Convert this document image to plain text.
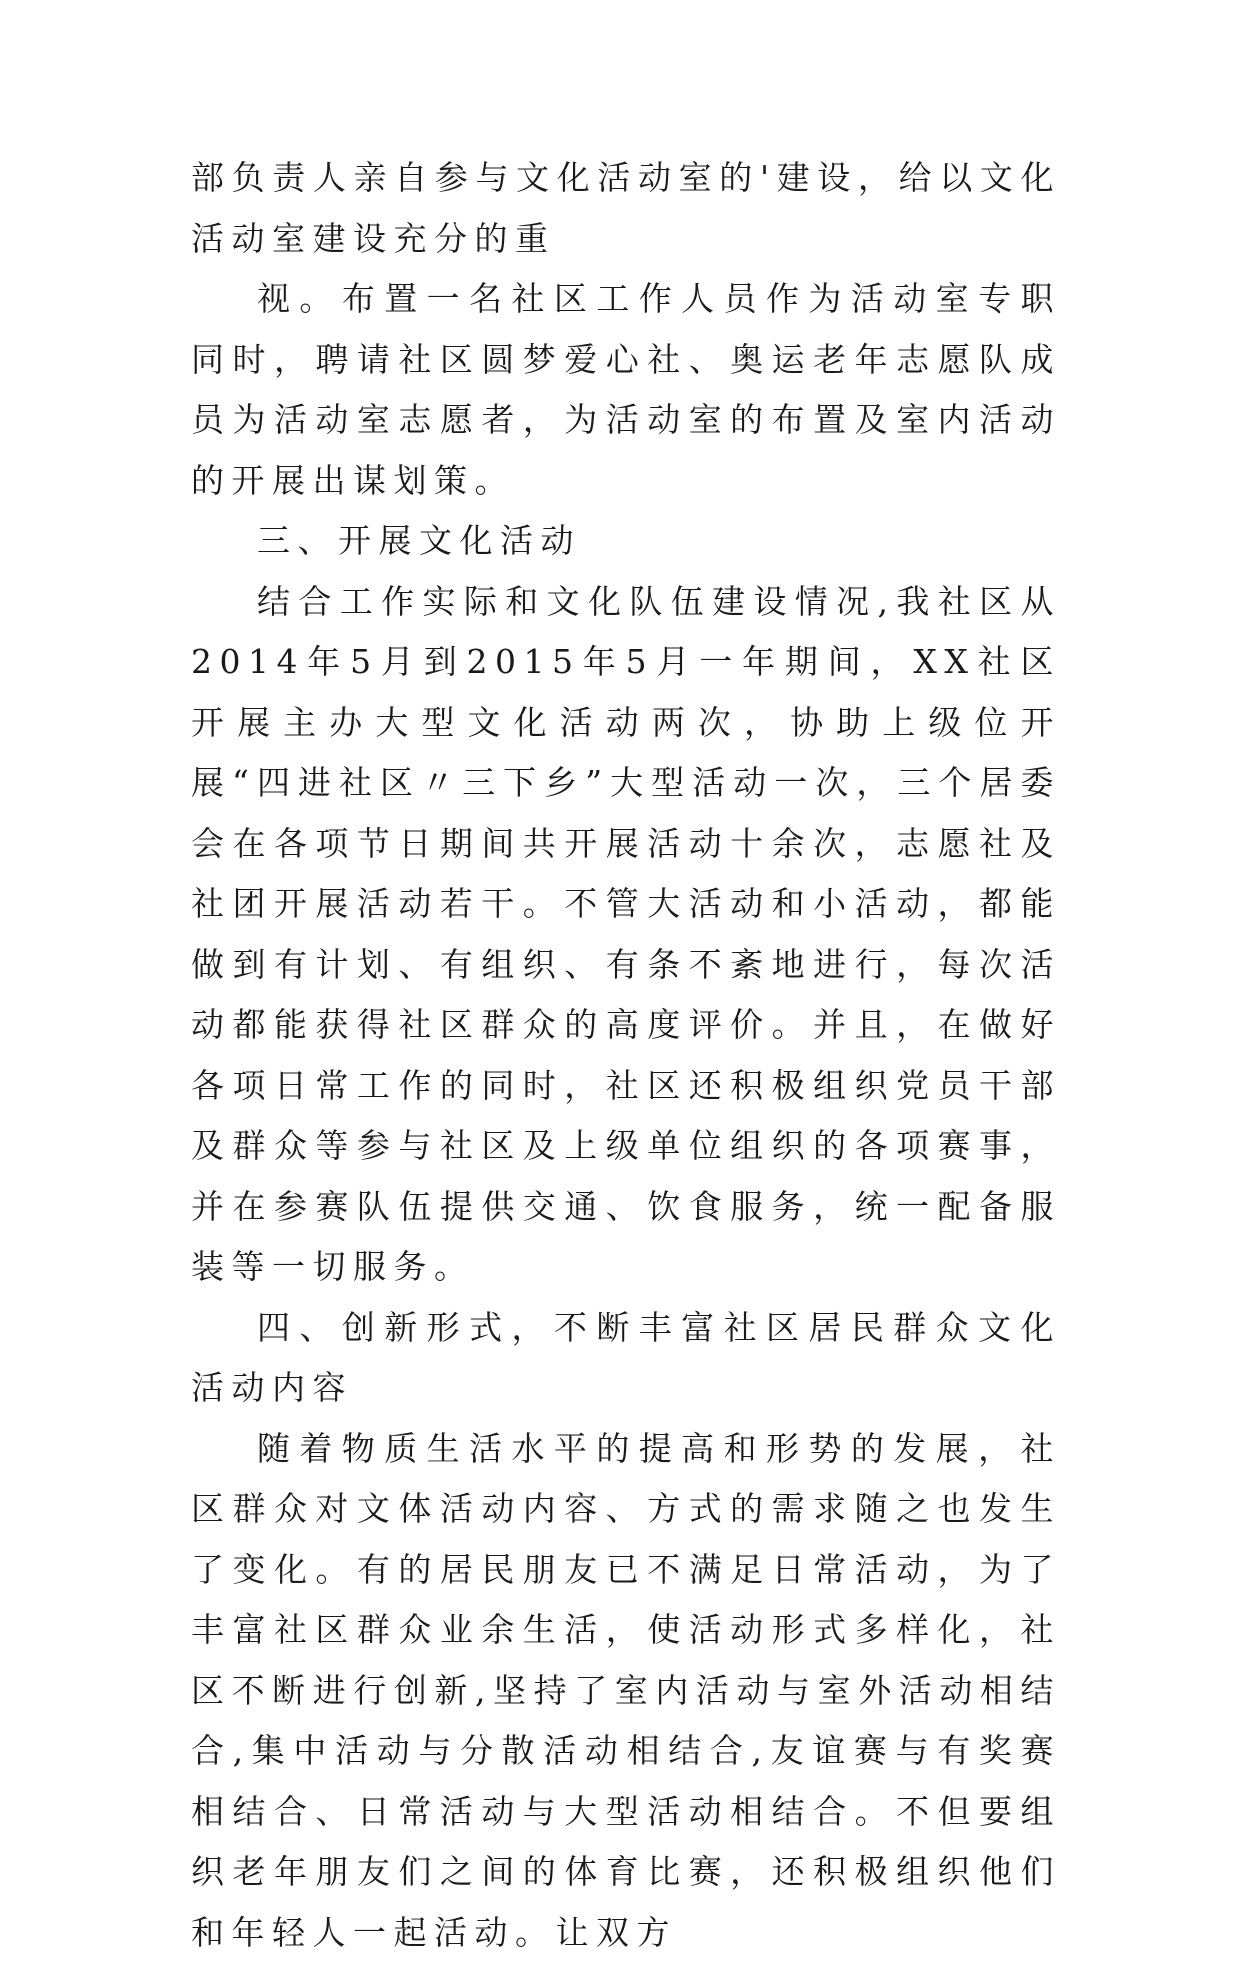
部负责人亲自参与文化活动室的'建设，给以文化活动室建设充分的重

视。布置一名社区工作人员作为活动室专职同时，聘请社区圆梦爱心社、奥运老年志愿队成员为活动室志愿者，为活动室的布置及室内活动的开展出谋划策。

三、开展文化活动

结合工作实际和文化队伍建设情况,我社区从2014年5月到2015年5月一年期间，XX社区开展主办大型文化活动两次，协助上级位开展“四进社区〃三下乡”大型活动一次，三个居委会在各项节日期间共开展活动十余次，志愿社及社团开展活动若干。不管大活动和小活动，都能做到有计划、有组织、有条不紊地进行，每次活动都能获得社区群众的高度评价。并且，在做好各项日常工作的同时，社区还积极组织党员干部及群众等参与社区及上级单位组织的各项赛事，并在参赛队伍提供交通、饮食服务，统一配备服装等一切服务。

四、创新形式，不断丰富社区居民群众文化活动内容

随着物质生活水平的提高和形势的发展，社区群众对文体活动内容、方式的需求随之也发生了变化。有的居民朋友已不满足日常活动，为了丰富社区群众业余生活，使活动形式多样化，社区不断进行创新,坚持了室内活动与室外活动相结合,集中活动与分散活动相结合,友谊赛与有奖赛相结合、日常活动与大型活动相结合。不但要组织老年朋友们之间的体育比赛，还积极组织他们和年轻人一起活动。让双方
